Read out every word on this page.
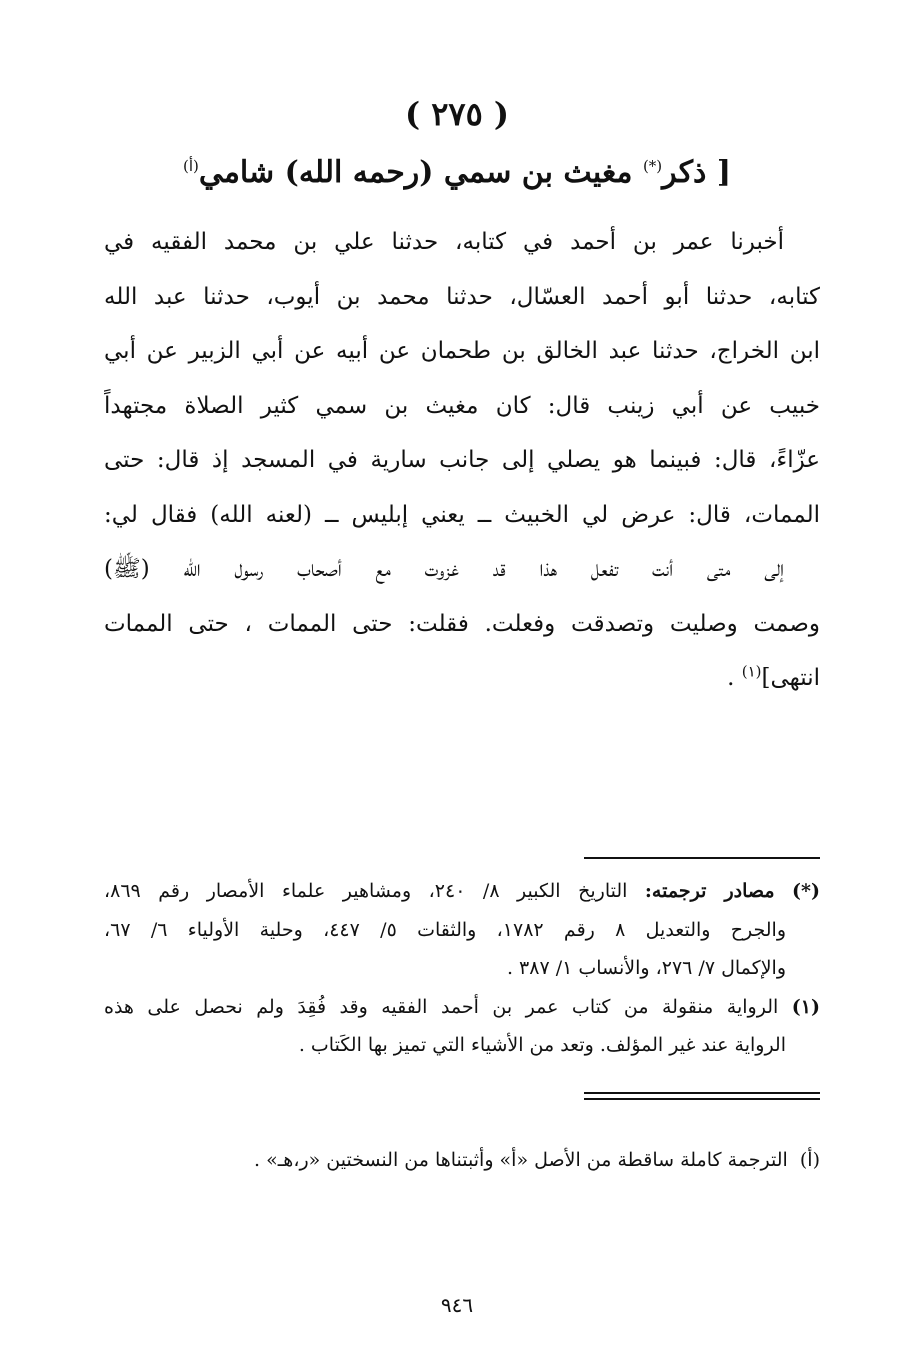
( ٢٧٥ )
[ ذكر(*) مغيث بن سمي (رحمه الله) شامي$^{(أ)}$
أخبرنا عمر بن أحمد في كتابه، حدثنا علي بن محمد الفقيه في
كتابه، حدثنا أبو أحمد العسّال، حدثنا محمد بن أيوب، حدثنا عبد الله
ابن الخراج، حدثنا عبد الخالق بن طحمان عن أبيه عن أبي الزبير عن أبي
خبيب عن أبي زينب قال: كان مغيث بن سمي كثير الصلاة مجتهداً
عزّاءً، قال: فبينما هو يصلي إلى جانب سارية في المسجد إذ قال: حتى
الممات، قال: عرض لي الخبيث ــ يعني إبليس ــ (لعنه الله) فقال لي:
إلى متى أنت تفعل هذا قد غزوت مع أصحاب رسول الله (ﷺ)
وصمت وصليت وتصدقت وفعلت. فقلت: حتى الممات ، حتى الممات
انتهى]$^{(١)}$ .
(*) مصادر ترجمته: التاريخ الكبير ٨/ ٢٤٠، ومشاهير علماء الأمصار رقم ٨٦٩،
والجرح والتعديل ٨ رقم ١٧٨٢، والثقات ٥/ ٤٤٧، وحلية الأولياء ٦/ ٦٧،
والإكمال ٧/ ٢٧٦، والأنساب ١/ ٣٨٧ .
(١) الرواية منقولة من كتاب عمر بن أحمد الفقيه وقد فُقِدَ ولم نحصل على هذه
الرواية عند غير المؤلف. وتعد من الأشياء التي تميز بها الكَتاب .
(أ)  الترجمة كاملة ساقطة من الأصل «أ» وأثبتناها من النسختين «ر،هـ» .
٩٤٦
